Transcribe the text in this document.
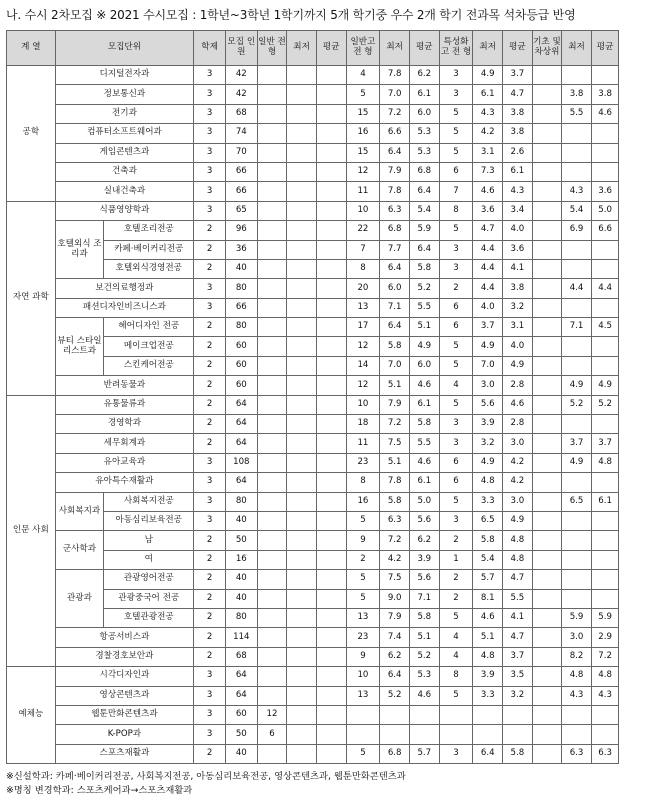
나. 수시 2차모집 ※ 2021 수시모집 : 1학년~3학년 1학기까지 5개 학기중 우수 2개 학기 전과목 석차등급 반영
계 열	모집단위		학제	모집 인원	일반 전형	최저	평균	일반고 전 형	최저	평균	특성화고 전 형	최저	평균	기초 및 차상위	최저	평균
공학	디지털전자과		3	42				4	7.8	6.2	3	4.9	3.7			
	정보통신과		3	42				5	7.0	6.1	3	6.1	4.7		3.8	3.8
	전기과		3	68				15	7.2	6.0	5	4.3	3.8		5.5	4.6
	컴퓨터소프트웨어과		3	74				16	6.6	5.3	5	4.2	3.8			
	게임콘텐츠과		3	70				15	6.4	5.3	5	3.1	2.6			
	건축과		3	66				12	7.9	6.8	6	7.3	6.1			
	실내건축과		3	66				11	7.8	6.4	7	4.6	4.3		4.3	3.6
자연 과학	식품영양학과		3	65				10	6.3	5.4	8	3.6	3.4		5.4	5.0
	호텔외식 조리과	호텔조리전공	2	96				22	6.8	5.9	5	4.7	4.0		6.9	6.6
		카페·베이커리전공	2	36				7	7.7	6.4	3	4.4	3.6			
		호텔외식경영전공	2	40				8	6.4	5.8	3	4.4	4.1			
	보건의료행정과		3	80				20	6.0	5.2	2	4.4	3.8		4.4	4.4
	패션디자인비즈니스과		3	66				13	7.1	5.5	6	4.0	3.2			
	뷰티 스타일 리스트과	헤어디자인 전공	2	80				17	6.4	5.1	6	3.7	3.1		7.1	4.5
		메이크업전공	2	60				12	5.8	4.9	5	4.9	4.0			
		스킨케어전공	2	60				14	7.0	6.0	5	7.0	4.9			
	반려동물과		2	60				12	5.1	4.6	4	3.0	2.8		4.9	4.9
인문 사회	유통물류과		2	64				10	7.9	6.1	5	5.6	4.6		5.2	5.2
	경영학과		2	64				18	7.2	5.8	3	3.9	2.8			
	세무회계과		2	64				11	7.5	5.5	3	3.2	3.0		3.7	3.7
	유아교육과		3	108				23	5.1	4.6	6	4.9	4.2		4.9	4.8
	유아특수재활과		3	64				8	7.8	6.1	6	4.8	4.2			
	사회복지과	사회복지전공	3	80				16	5.8	5.0	5	3.3	3.0		6.5	6.1
		아동심리보육전공	3	40				5	6.3	5.6	3	6.5	4.9			
	군사학과	남	2	50				9	7.2	6.2	2	5.8	4.8			
		여	2	16				2	4.2	3.9	1	5.4	4.8			
	관광과	관광영어전공	2	40				5	7.5	5.6	2	5.7	4.7			
		관광중국어 전공	2	40				5	9.0	7.1	2	8.1	5.5			
		호텔관광전공	2	80				13	7.9	5.8	5	4.6	4.1		5.9	5.9
	항공서비스과		2	114				23	7.4	5.1	4	5.1	4.7		3.0	2.9
	경찰경호보안과		2	68				9	6.2	5.2	4	4.8	3.7		8.2	7.2
예체능	시각디자인과		3	64				10	6.4	5.3	8	3.9	3.5		4.8	4.8
	영상콘텐츠과		3	64				13	5.2	4.6	5	3.3	3.2		4.3	4.3
	웹툰만화콘텐츠과		3	60	12											
	K-POP과		3	50	6											
	스포츠재활과		2	40				5	6.8	5.7	3	6.4	5.8		6.3	6.3
※신설학과: 카페·베이커리전공, 사회복지전공, 아동심리보육전공, 영상콘텐츠과, 웹툰만화콘텐츠과
※명칭 변경학과: 스포츠케어과→스포츠재활과
